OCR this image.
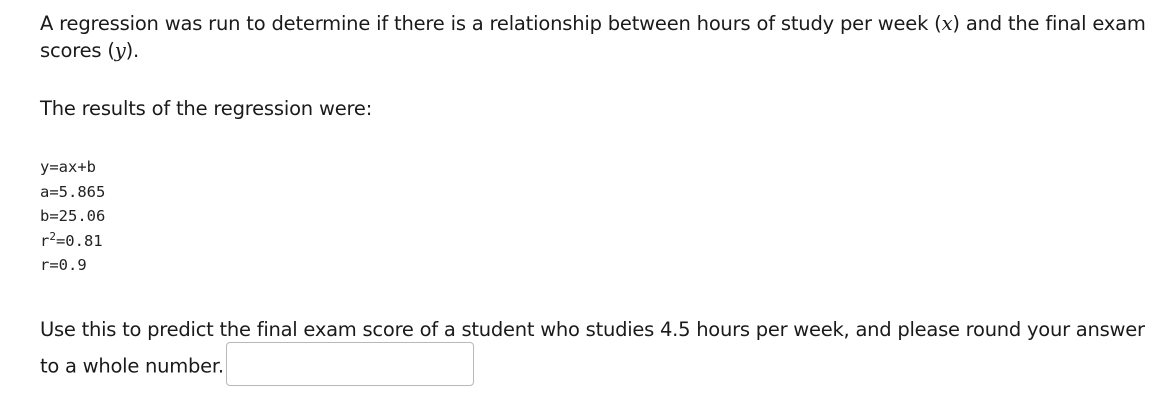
A regression was run to determine if there is a relationship between hours of study per week (x) and the final exam scores (y).
The results of the regression were:
y=ax+b
a=5.865
b=25.06
$r^2=0.81$
r=0.9
Use this to predict the final exam score of a student who studies 4.5 hours per week, and please round your answer to a whole number.
